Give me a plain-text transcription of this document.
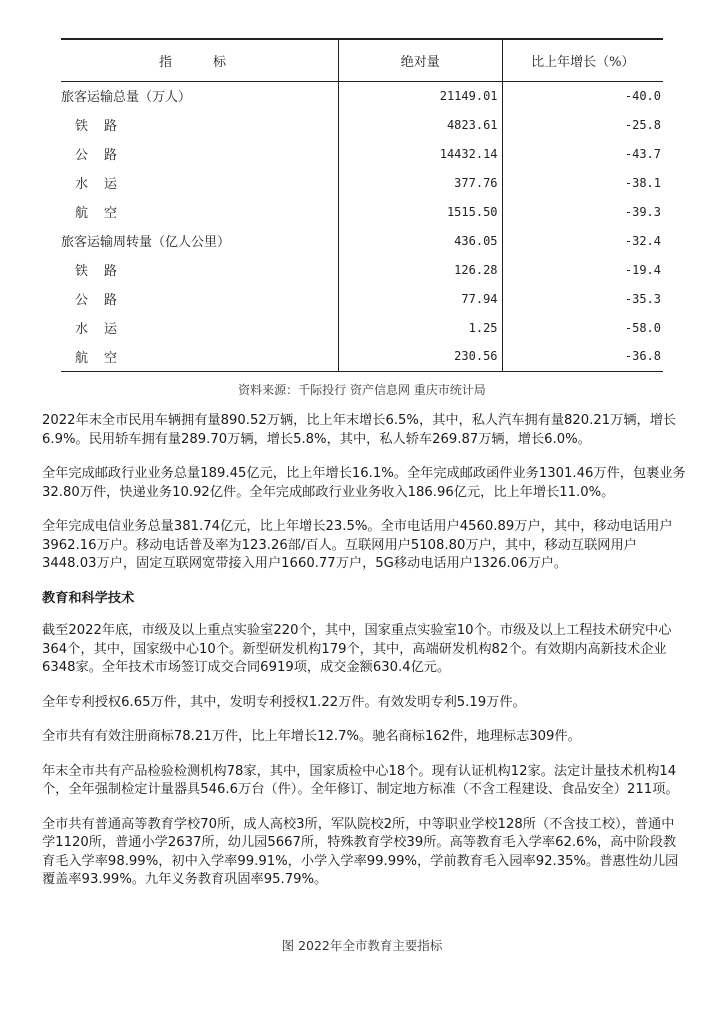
指　标	绝对量	比上年增长（%）
旅客运输总量（万人）	21149.01	-40.0
铁路	4823.61	-25.8
公路	14432.14	-43.7
水运	377.76	-38.1
航空	1515.50	-39.3
旅客运输周转量（亿人公里）	436.05	-32.4
铁路	126.28	-19.4
公路	77.94	-35.3
水运	1.25	-58.0
航空	230.56	-36.8
资料来源：千际投行 资产信息网 重庆市统计局

2022年末全市民用车辆拥有量890.52万辆，比上年末增长6.5%，其中，私人汽车拥有量820.21万辆，增长6.9%。民用轿车拥有量289.70万辆，增长5.8%，其中，私人轿车269.87万辆，增长6.0%。

全年完成邮政行业业务总量189.45亿元，比上年增长16.1%。全年完成邮政函件业务1301.46万件，包裹业务32.80万件，快递业务10.92亿件。全年完成邮政行业业务收入186.96亿元，比上年增长11.0%。

全年完成电信业务总量381.74亿元，比上年增长23.5%。全市电话用户4560.89万户，其中，移动电话用户3962.16万户。移动电话普及率为123.26部/百人。互联网用户5108.80万户，其中，移动互联网用户3448.03万户，固定互联网宽带接入用户1660.77万户，5G移动电话用户1326.06万户。

教育和科学技术

截至2022年底，市级及以上重点实验室220个，其中，国家重点实验室10个。市级及以上工程技术研究中心364个，其中，国家级中心10个。新型研发机构179个，其中，高端研发机构82个。有效期内高新技术企业6348家。全年技术市场签订成交合同6919项，成交金额630.4亿元。

全年专利授权6.65万件，其中，发明专利授权1.22万件。有效发明专利5.19万件。

全市共有有效注册商标78.21万件，比上年增长12.7%。驰名商标162件，地理标志309件。

年末全市共有产品检验检测机构78家，其中，国家质检中心18个。现有认证机构12家。法定计量技术机构14个，全年强制检定计量器具546.6万台（件）。全年修订、制定地方标准（不含工程建设、食品安全）211项。

全市共有普通高等教育学校70所，成人高校3所，军队院校2所，中等职业学校128所（不含技工校），普通中学1120所，普通小学2637所，幼儿园5667所，特殊教育学校39所。高等教育毛入学率62.6%，高中阶段教育毛入学率98.99%，初中入学率99.91%，小学入学率99.99%，学前教育毛入园率92.35%。普惠性幼儿园覆盖率93.99%。九年义务教育巩固率95.79%。

图 2022年全市教育主要指标
